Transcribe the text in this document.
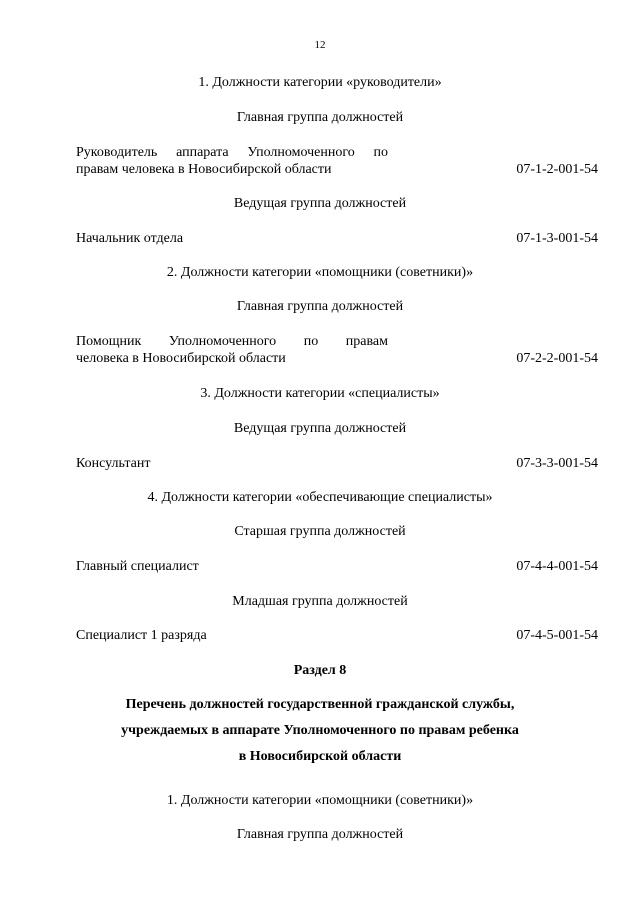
12
1. Должности категории «руководители»
Главная группа должностей
Руководитель аппарата Уполномоченного по
правам человека в Новосибирской области	07-1-2-001-54
Ведущая группа должностей
Начальник отдела	07-1-3-001-54
2. Должности категории «помощники (советники)»
Главная группа должностей
Помощник Уполномоченного по правам
человека в Новосибирской области	07-2-2-001-54
3. Должности категории «специалисты»
Ведущая группа должностей
Консультант	07-3-3-001-54
4. Должности категории «обеспечивающие специалисты»
Старшая группа должностей
Главный специалист	07-4-4-001-54
Младшая группа должностей
Специалист 1 разряда	07-4-5-001-54
Раздел 8
Перечень должностей государственной гражданской службы,
учреждаемых в аппарате Уполномоченного по правам ребенка
в Новосибирской области
1. Должности категории «помощники (советники)»
Главная группа должностей
